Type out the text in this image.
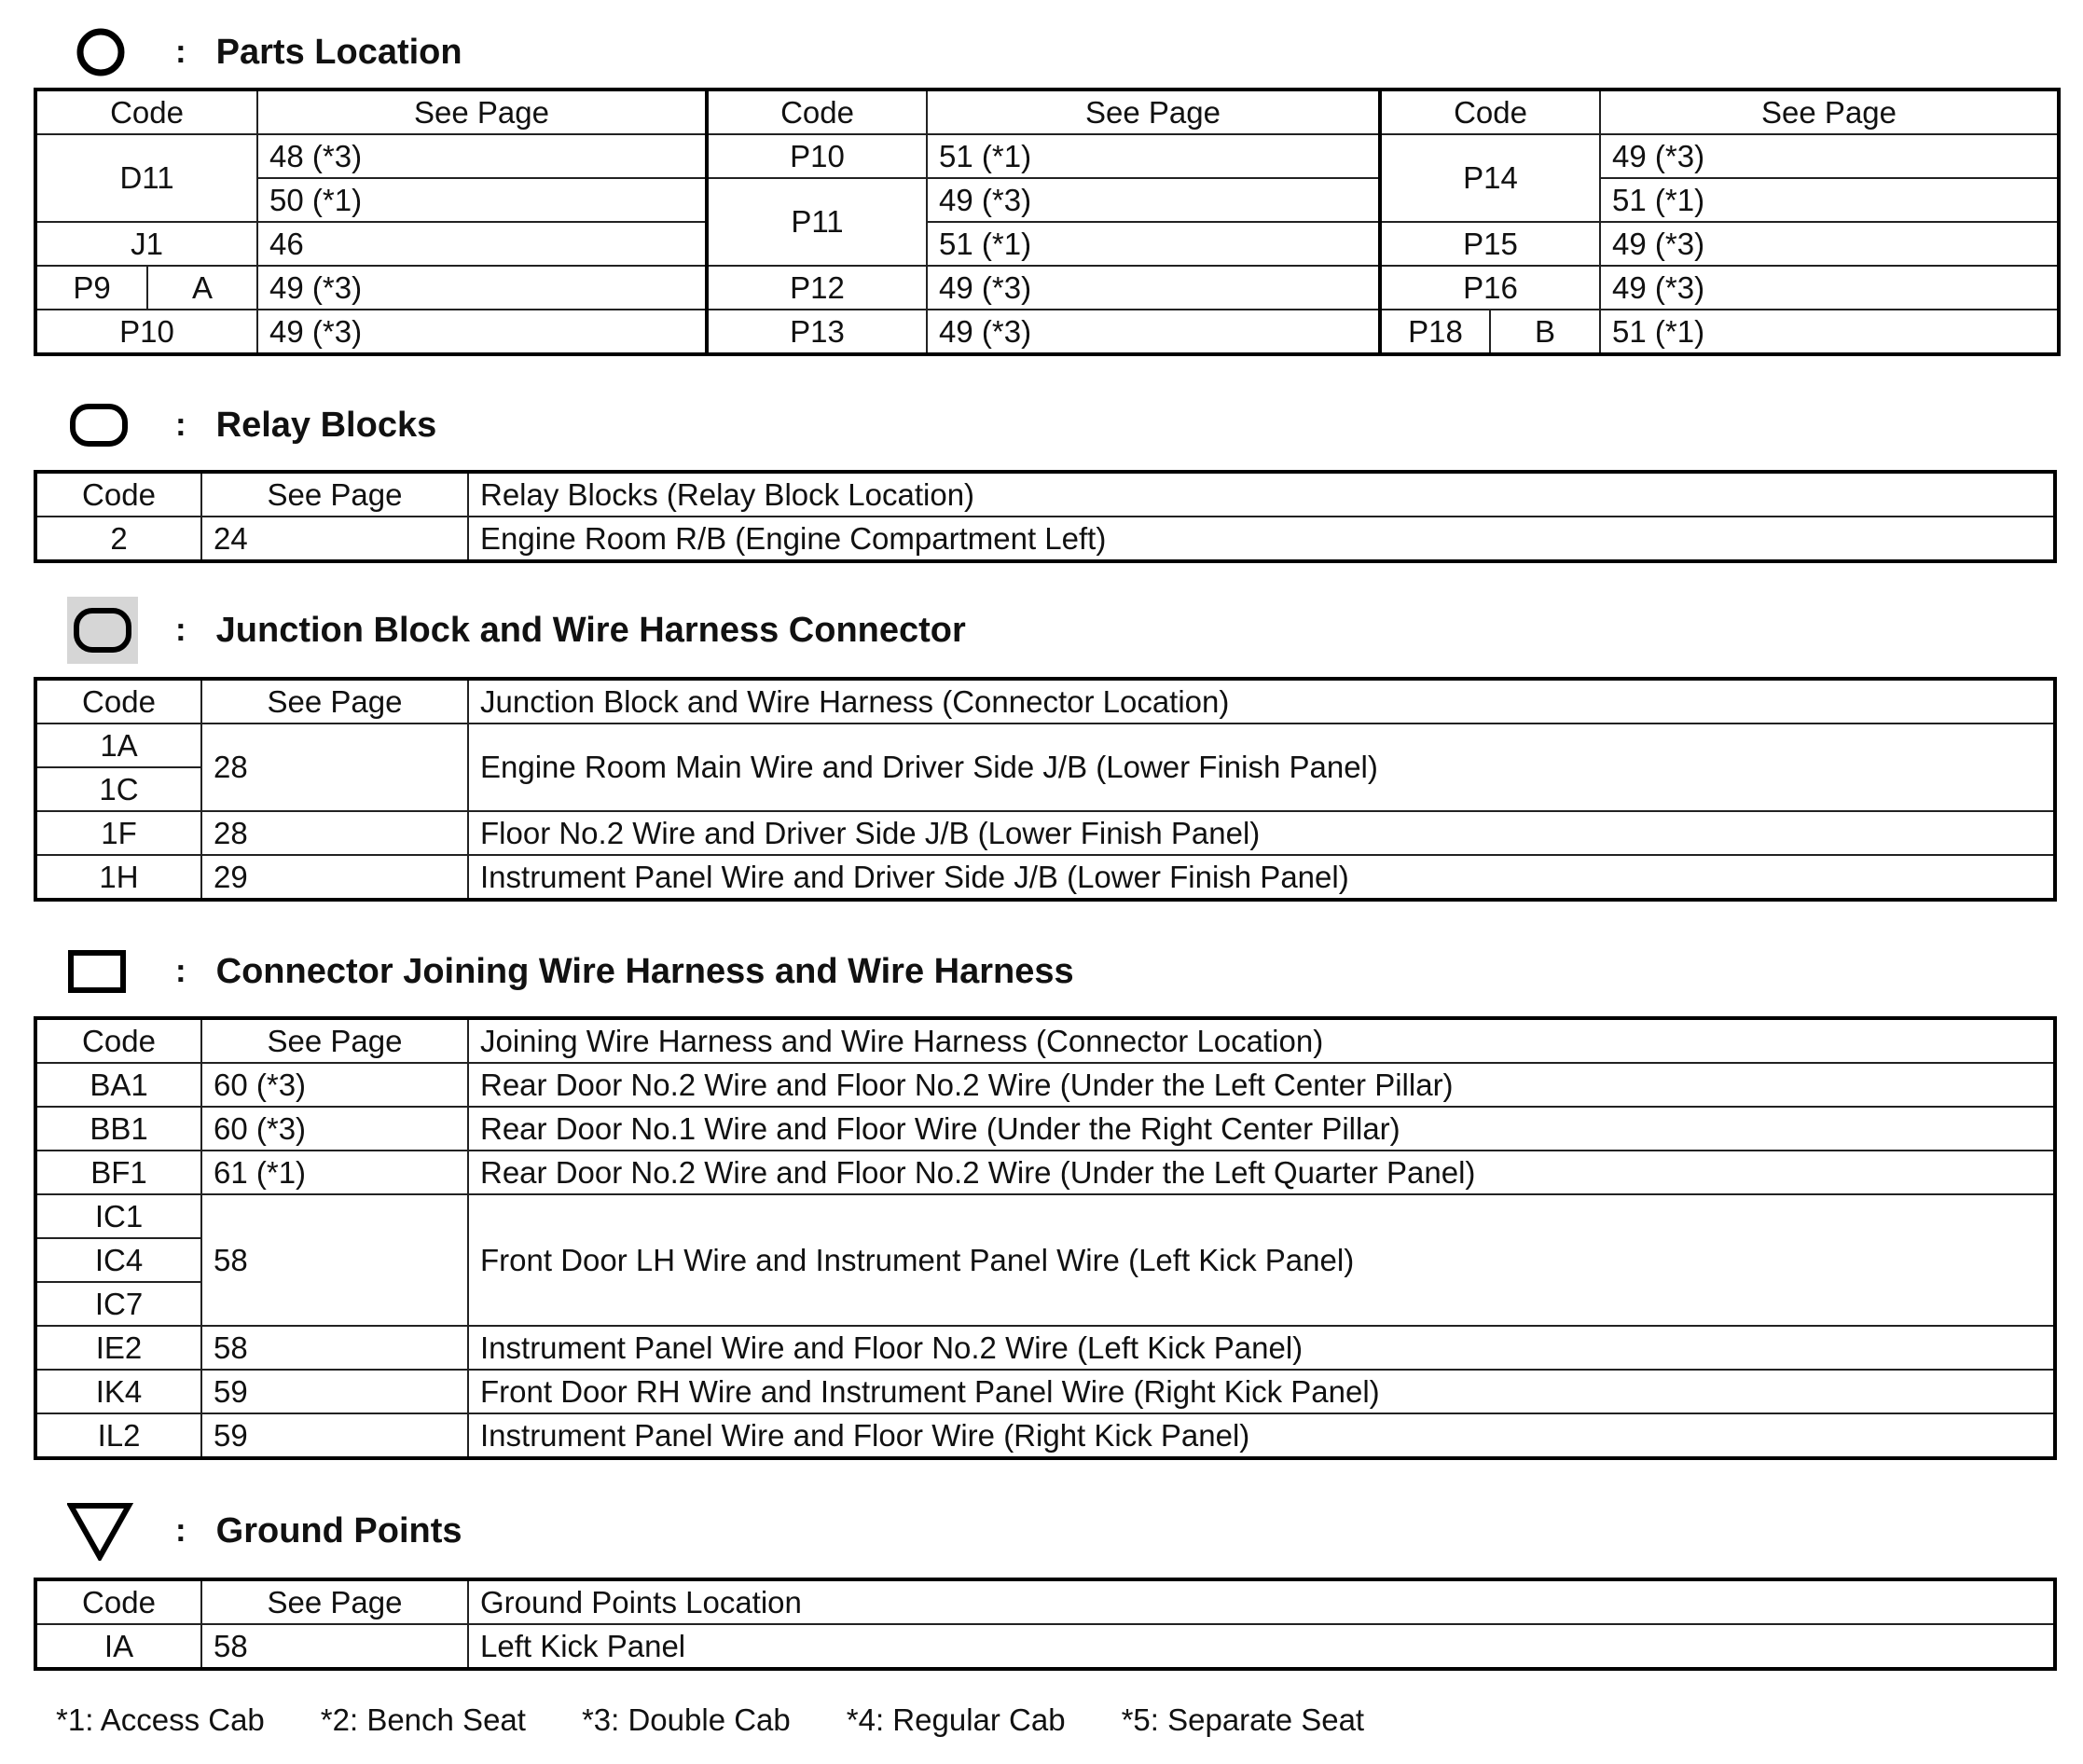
: Parts Location
Code		See Page	Code	See Page	Code		See Page
D11		48 (*3)	P10	51 (*1)	P14		49 (*3)
		50 (*1)	P11	49 (*3)			51 (*1)
J1		46		51 (*1)	P15		49 (*3)
P9	A	49 (*3)	P12	49 (*3)	P16		49 (*3)
P10		49 (*3)	P13	49 (*3)	P18	B	51 (*1)
: Relay Blocks
Code	See Page	Relay Blocks (Relay Block Location)
2	24	Engine Room R/B (Engine Compartment Left)
: Junction Block and Wire Harness Connector
Code	See Page	Junction Block and Wire Harness (Connector Location)
1A	28	Engine Room Main Wire and Driver Side J/B (Lower Finish Panel)
1C		
1F	28	Floor No.2 Wire and Driver Side J/B (Lower Finish Panel)
1H	29	Instrument Panel Wire and Driver Side J/B (Lower Finish Panel)
: Connector Joining Wire Harness and Wire Harness
Code	See Page	Joining Wire Harness and Wire Harness (Connector Location)
BA1	60 (*3)	Rear Door No.2 Wire and Floor No.2 Wire (Under the Left Center Pillar)
BB1	60 (*3)	Rear Door No.1 Wire and Floor Wire (Under the Right Center Pillar)
BF1	61 (*1)	Rear Door No.2 Wire and Floor No.2 Wire (Under the Left Quarter Panel)
IC1	58	Front Door LH Wire and Instrument Panel Wire (Left Kick Panel)
IC4		
IC7		
IE2	58	Instrument Panel Wire and Floor No.2 Wire (Left Kick Panel)
IK4	59	Front Door RH Wire and Instrument Panel Wire (Right Kick Panel)
IL2	59	Instrument Panel Wire and Floor Wire (Right Kick Panel)
: Ground Points
Code	See Page	Ground Points Location
IA	58	Left Kick Panel
*1: Access Cab *2: Bench Seat *3: Double Cab *4: Regular Cab *5: Separate Seat
